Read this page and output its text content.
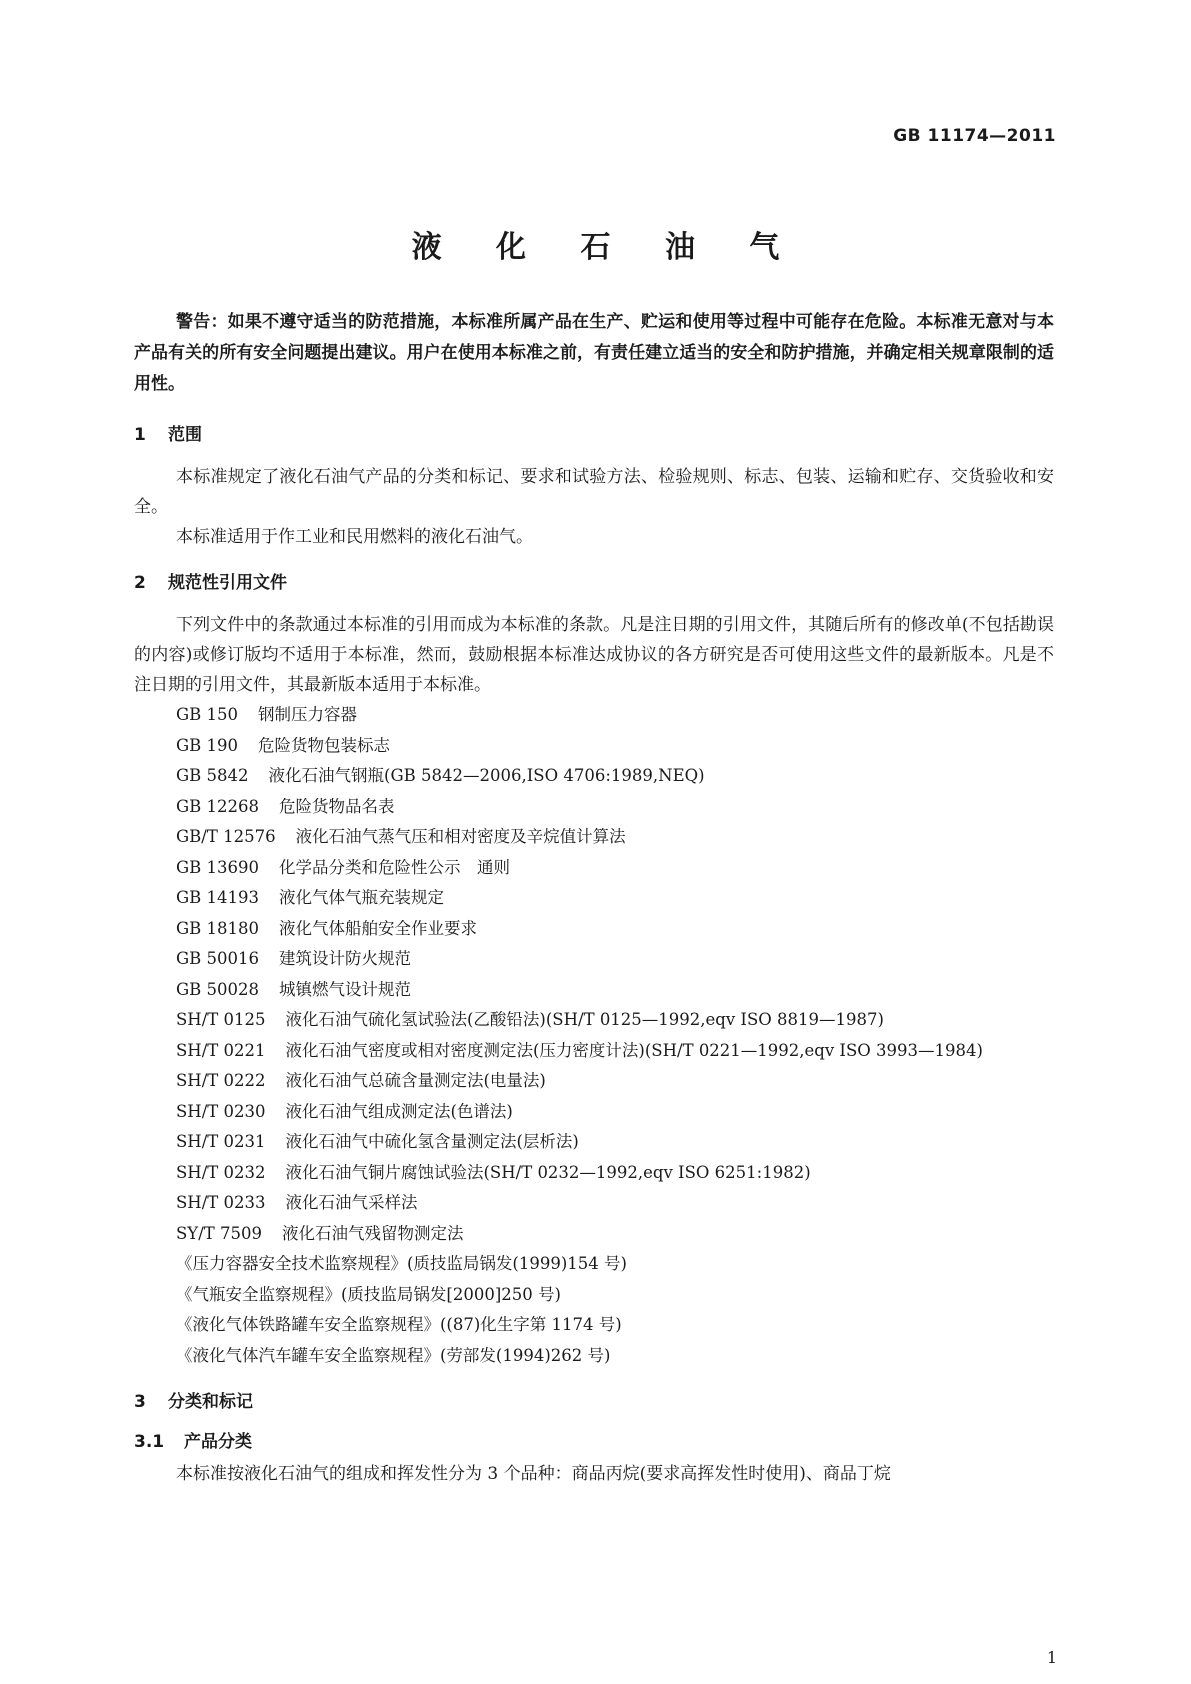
GB 11174—2011
液 化 石 油 气

警告：如果不遵守适当的防范措施，本标准所属产品在生产、贮运和使用等过程中可能存在危险。本标准无意对与本产品有关的所有安全问题提出建议。用户在使用本标准之前，有责任建立适当的安全和防护措施，并确定相关规章限制的适用性。

1 范围

本标准规定了液化石油气产品的分类和标记、要求和试验方法、检验规则、标志、包装、运输和贮存、交货验收和安全。

本标准适用于作工业和民用燃料的液化石油气。

2 规范性引用文件

下列文件中的条款通过本标准的引用而成为本标准的条款。凡是注日期的引用文件，其随后所有的修改单(不包括勘误的内容)或修订版均不适用于本标准，然而，鼓励根据本标准达成协议的各方研究是否可使用这些文件的最新版本。凡是不注日期的引用文件，其最新版本适用于本标准。

GB 150 钢制压力容器
GB 190 危险货物包装标志
GB 5842 液化石油气钢瓶(GB 5842—2006,ISO 4706:1989,NEQ)
GB 12268 危险货物品名表
GB/T 12576 液化石油气蒸气压和相对密度及辛烷值计算法
GB 13690 化学品分类和危险性公示　通则
GB 14193 液化气体气瓶充装规定
GB 18180 液化气体船舶安全作业要求
GB 50016 建筑设计防火规范
GB 50028 城镇燃气设计规范
SH/T 0125 液化石油气硫化氢试验法(乙酸铅法)(SH/T 0125—1992,eqv ISO 8819—1987)
SH/T 0221 液化石油气密度或相对密度测定法(压力密度计法)(SH/T 0221—1992,eqv ISO 3993—1984)
SH/T 0222 液化石油气总硫含量测定法(电量法)
SH/T 0230 液化石油气组成测定法(色谱法)
SH/T 0231 液化石油气中硫化氢含量测定法(层析法)
SH/T 0232 液化石油气铜片腐蚀试验法(SH/T 0232—1992,eqv ISO 6251:1982)
SH/T 0233 液化石油气采样法
SY/T 7509 液化石油气残留物测定法
《压力容器安全技术监察规程》(质技监局锅发(1999)154 号)
《气瓶安全监察规程》(质技监局锅发[2000]250 号)
《液化气体铁路罐车安全监察规程》((87)化生字第 1174 号)
《液化气体汽车罐车安全监察规程》(劳部发(1994)262 号)
3 分类和标记
3.1 产品分类

本标准按液化石油气的组成和挥发性分为 3 个品种：商品丙烷(要求高挥发性时使用)、商品丁烷

1
